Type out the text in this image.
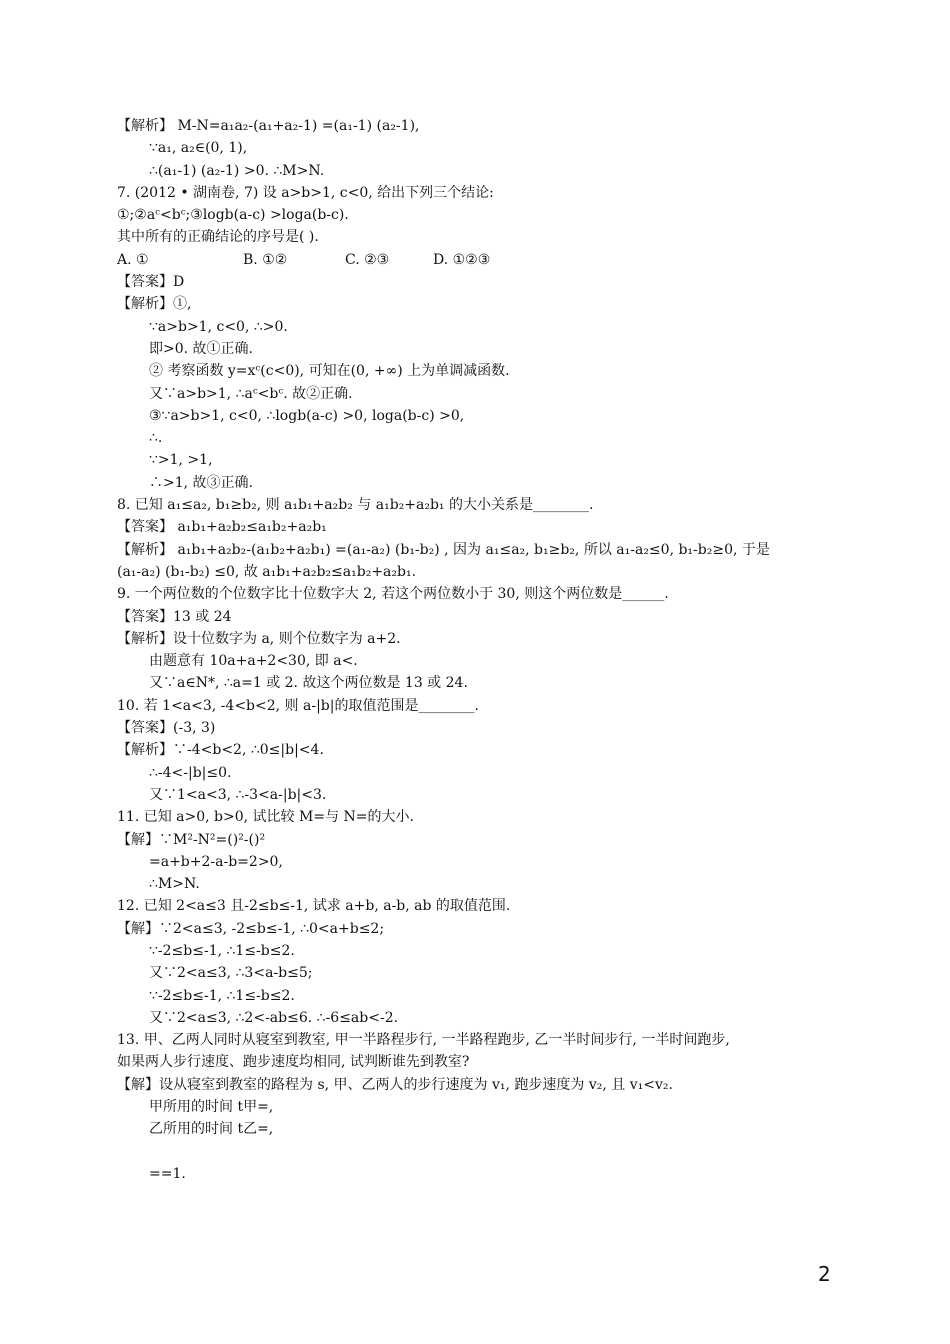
【解析】 M-N=a₁a₂-(a₁+a₂-1) =(a₁-1) (a₂-1),
∵a₁, a₂∈(0, 1),
∴(a₁-1) (a₂-1) >0. ∴M>N.
7. (2012 • 湖南卷, 7) 设 a>b>1, c<0, 给出下列三个结论:
①;②aᶜ<bᶜ;③logb(a-c) >loga(b-c).
其中所有的正确结论的序号是( ).
A. ①	B. ①②	C. ②③	D. ①②③
【答案】D
【解析】①,
∵a>b>1, c<0, ∴>0.
即>0. 故①正确.
② 考察函数 y=xᶜ(c<0), 可知在(0, +∞) 上为单调减函数.
又∵a>b>1, ∴aᶜ<bᶜ. 故②正确.
③∵a>b>1, c<0, ∴logb(a-c) >0, loga(b-c) >0,
∴.
∵>1, >1,
∴>1, 故③正确.
8. 已知 a₁≤a₂, b₁≥b₂, 则 a₁b₁+a₂b₂ 与 a₁b₂+a₂b₁ 的大小关系是________.
【答案】 a₁b₁+a₂b₂≤a₁b₂+a₂b₁
【解析】 a₁b₁+a₂b₂-(a₁b₂+a₂b₁) =(a₁-a₂) (b₁-b₂) , 因为 a₁≤a₂, b₁≥b₂, 所以 a₁-a₂≤0, b₁-b₂≥0, 于是
(a₁-a₂) (b₁-b₂) ≤0, 故 a₁b₁+a₂b₂≤a₁b₂+a₂b₁.
9. 一个两位数的个位数字比十位数字大 2, 若这个两位数小于 30, 则这个两位数是______.
【答案】13 或 24
【解析】设十位数字为 a, 则个位数字为 a+2.
由题意有 10a+a+2<30, 即 a<.
又∵a∈N*, ∴a=1 或 2. 故这个两位数是 13 或 24.
10. 若 1<a<3, -4<b<2, 则 a-|b|的取值范围是________.
【答案】(-3, 3)
【解析】∵-4<b<2, ∴0≤|b|<4.
∴-4<-|b|≤0.
又∵1<a<3, ∴-3<a-|b|<3.
11. 已知 a>0, b>0, 试比较 M=与 N=的大小.
【解】∵M²-N²=()²-()²
=a+b+2-a-b=2>0,
∴M>N.
12. 已知 2<a≤3 且-2≤b≤-1, 试求 a+b, a-b, ab 的取值范围.
【解】∵2<a≤3, -2≤b≤-1, ∴0<a+b≤2;
∵-2≤b≤-1, ∴1≤-b≤2.
又∵2<a≤3, ∴3<a-b≤5;
∵-2≤b≤-1, ∴1≤-b≤2.
又∵2<a≤3, ∴2<-ab≤6. ∴-6≤ab<-2.
13. 甲、乙两人同时从寝室到教室, 甲一半路程步行, 一半路程跑步, 乙一半时间步行, 一半时间跑步,
如果两人步行速度、跑步速度均相同, 试判断谁先到教室?
【解】设从寝室到教室的路程为 s, 甲、乙两人的步行速度为 v₁, 跑步速度为 v₂, 且 v₁<v₂.
甲所用的时间 t甲=,
乙所用的时间 t乙=,
==1.
2
